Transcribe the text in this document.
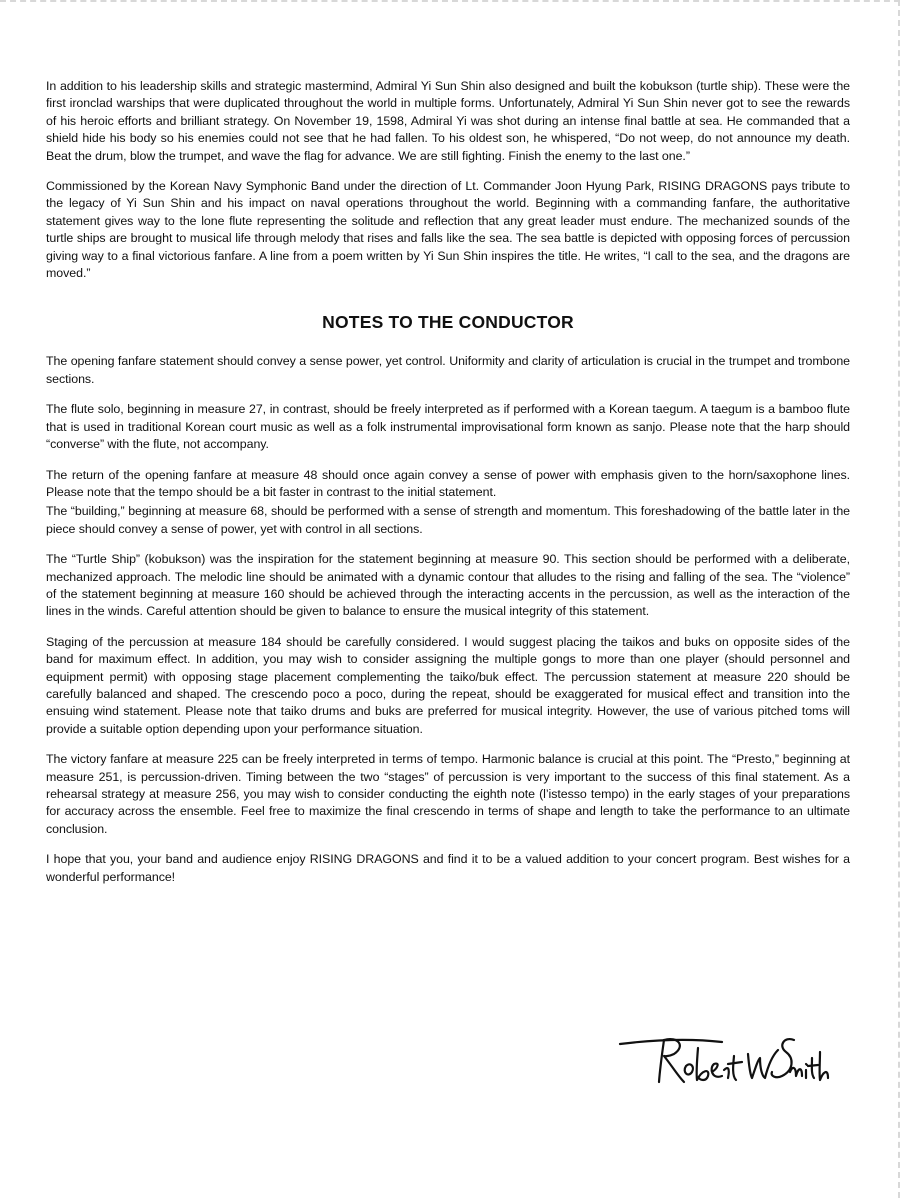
In addition to his leadership skills and strategic mastermind, Admiral Yi Sun Shin also designed and built the kobukson (turtle ship). These were the first ironclad warships that were duplicated throughout the world in multiple forms. Unfortunately, Admiral Yi Sun Shin never got to see the rewards of his heroic efforts and brilliant strategy. On November 19, 1598, Admiral Yi was shot during an intense final battle at sea. He commanded that a shield hide his body so his enemies could not see that he had fallen. To his oldest son, he whispered, “Do not weep, do not announce my death. Beat the drum, blow the trumpet, and wave the flag for advance. We are still fighting. Finish the enemy to the last one.”

Commissioned by the Korean Navy Symphonic Band under the direction of Lt. Commander Joon Hyung Park, RISING DRAGONS pays tribute to the legacy of Yi Sun Shin and his impact on naval operations throughout the world. Beginning with a commanding fanfare, the authoritative statement gives way to the lone flute representing the solitude and reflection that any great leader must endure. The mechanized sounds of the turtle ships are brought to musical life through melody that rises and falls like the sea. The sea battle is depicted with opposing forces of percussion giving way to a final victorious fanfare. A line from a poem written by Yi Sun Shin inspires the title. He writes, “I call to the sea, and the dragons are moved.”

NOTES TO THE CONDUCTOR

The opening fanfare statement should convey a sense power, yet control. Uniformity and clarity of articulation is crucial in the trumpet and trombone sections.

The flute solo, beginning in measure 27, in contrast, should be freely interpreted as if performed with a Korean taegum. A taegum is a bamboo flute that is used in traditional Korean court music as well as a folk instrumental improvisational form known as sanjo. Please note that the harp should “converse” with the flute, not accompany.

The return of the opening fanfare at measure 48 should once again convey a sense of power with emphasis given to the horn/saxophone lines. Please note that the tempo should be a bit faster in contrast to the initial statement.

The “building,” beginning at measure 68, should be performed with a sense of strength and momentum. This foreshadowing of the battle later in the piece should convey a sense of power, yet with control in all sections.

The “Turtle Ship” (kobukson) was the inspiration for the statement beginning at measure 90. This section should be performed with a deliberate, mechanized approach. The melodic line should be animated with a dynamic contour that alludes to the rising and falling of the sea. The “violence” of the statement beginning at measure 160 should be achieved through the interacting accents in the percussion, as well as the interaction of the lines in the winds. Careful attention should be given to balance to ensure the musical integrity of this statement.

Staging of the percussion at measure 184 should be carefully considered. I would suggest placing the taikos and buks on opposite sides of the band for maximum effect. In addition, you may wish to consider assigning the multiple gongs to more than one player (should personnel and equipment permit) with opposing stage placement complementing the taiko/buk effect. The percussion statement at measure 220 should be carefully balanced and shaped. The crescendo poco a poco, during the repeat, should be exaggerated for musical effect and transition into the ensuing wind statement. Please note that taiko drums and buks are preferred for musical integrity. However, the use of various pitched toms will provide a suitable option depending upon your performance situation.

The victory fanfare at measure 225 can be freely interpreted in terms of tempo. Harmonic balance is crucial at this point. The “Presto,” beginning at measure 251, is percussion-driven. Timing between the two “stages” of percussion is very important to the success of this final statement. As a rehearsal strategy at measure 256, you may wish to consider conducting the eighth note (l’istesso tempo) in the early stages of your preparations for accuracy across the ensemble. Feel free to maximize the final crescendo in terms of shape and length to take the performance to an ultimate conclusion.

I hope that you, your band and audience enjoy RISING DRAGONS and find it to be a valued addition to your concert program. Best wishes for a wonderful performance!
